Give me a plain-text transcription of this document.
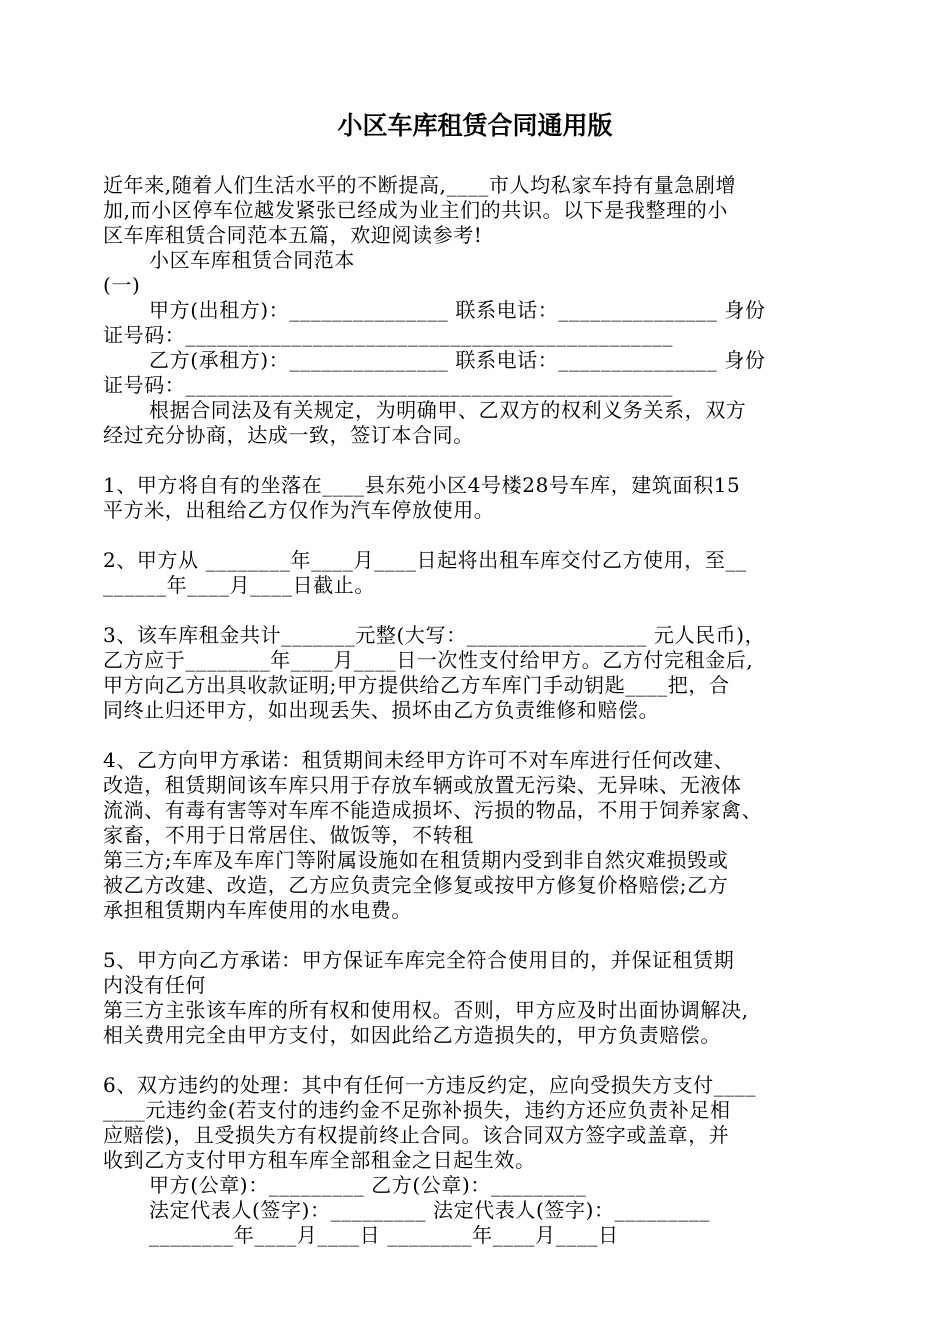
小区车库租赁合同通用版
近年来,随着人们生活水平的不断提高,____市人均私家车持有量急剧增
加,而小区停车位越发紧张已经成为业主们的共识。以下是我整理的小
区车库租赁合同范本五篇，欢迎阅读参考!
小区车库租赁合同范本
(一)
甲方(出租方)：_______________ 联系电话：_______________ 身份
证号码：______________________________________________
乙方(承租方)：_______________ 联系电话：_______________ 身份
证号码：______________________________________________
根据合同法及有关规定，为明确甲、乙双方的权利义务关系，双方
经过充分协商，达成一致，签订本合同。
1、甲方将自有的坐落在____县东苑小区4号楼28号车库，建筑面积15
平方米，出租给乙方仅作为汽车停放使用。
2、甲方从 ________年____月____日起将出租车库交付乙方使用，至__
______年____月____日截止。
3、该车库租金共计_______元整(大写：_________________ 元人民币)，
乙方应于________年____月____日一次性支付给甲方。乙方付完租金后,
甲方向乙方出具收款证明;甲方提供给乙方车库门手动钥匙____把，合
同终止归还甲方，如出现丢失、损坏由乙方负责维修和赔偿。
4、乙方向甲方承诺：租赁期间未经甲方许可不对车库进行任何改建、
改造，租赁期间该车库只用于存放车辆或放置无污染、无异味、无液体
流淌、有毒有害等对车库不能造成损坏、污损的物品，不用于饲养家禽、
家畜，不用于日常居住、做饭等，不转租
第三方;车库及车库门等附属设施如在租赁期内受到非自然灾难损毁或
被乙方改建、改造，乙方应负责完全修复或按甲方修复价格赔偿;乙方
承担租赁期内车库使用的水电费。
5、甲方向乙方承诺：甲方保证车库完全符合使用目的，并保证租赁期
内没有任何
第三方主张该车库的所有权和使用权。否则，甲方应及时出面协调解决,
相关费用完全由甲方支付，如因此给乙方造损失的，甲方负责赔偿。
6、双方违约的处理：其中有任何一方违反约定，应向受损失方支付____
____元违约金(若支付的违约金不足弥补损失，违约方还应负责补足相
应赔偿)，且受损失方有权提前终止合同。该合同双方签字或盖章，并
收到乙方支付甲方租车库全部租金之日起生效。
甲方(公章)：_________ 乙方(公章)：_________
法定代表人(签字)：_________ 法定代表人(签字)：_________
________年____月____日 ________年____月____日
